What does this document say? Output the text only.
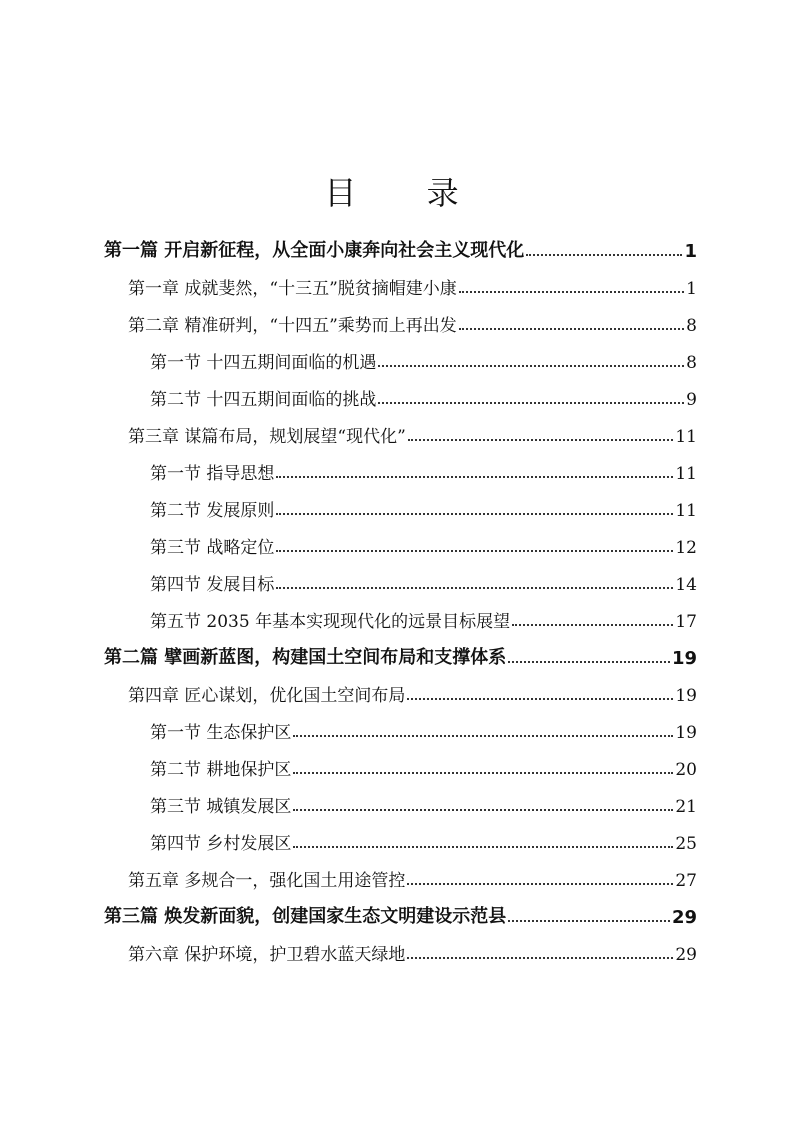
目 录
第一篇 开启新征程，从全面小康奔向社会主义现代化	1
第一章 成就斐然，“十三五”脱贫摘帽建小康	1
第二章 精准研判，“十四五”乘势而上再出发	8
第一节 十四五期间面临的机遇	8
第二节 十四五期间面临的挑战	9
第三章 谋篇布局，规划展望“现代化”	11
第一节 指导思想	11
第二节 发展原则	11
第三节 战略定位	12
第四节 发展目标	14
第五节 2035 年基本实现现代化的远景目标展望	17
第二篇 擘画新蓝图，构建国土空间布局和支撑体系	19
第四章 匠心谋划，优化国土空间布局	19
第一节 生态保护区	19
第二节 耕地保护区	20
第三节 城镇发展区	21
第四节 乡村发展区	25
第五章 多规合一，强化国土用途管控	27
第三篇 焕发新面貌，创建国家生态文明建设示范县	29
第六章 保护环境，护卫碧水蓝天绿地	29
